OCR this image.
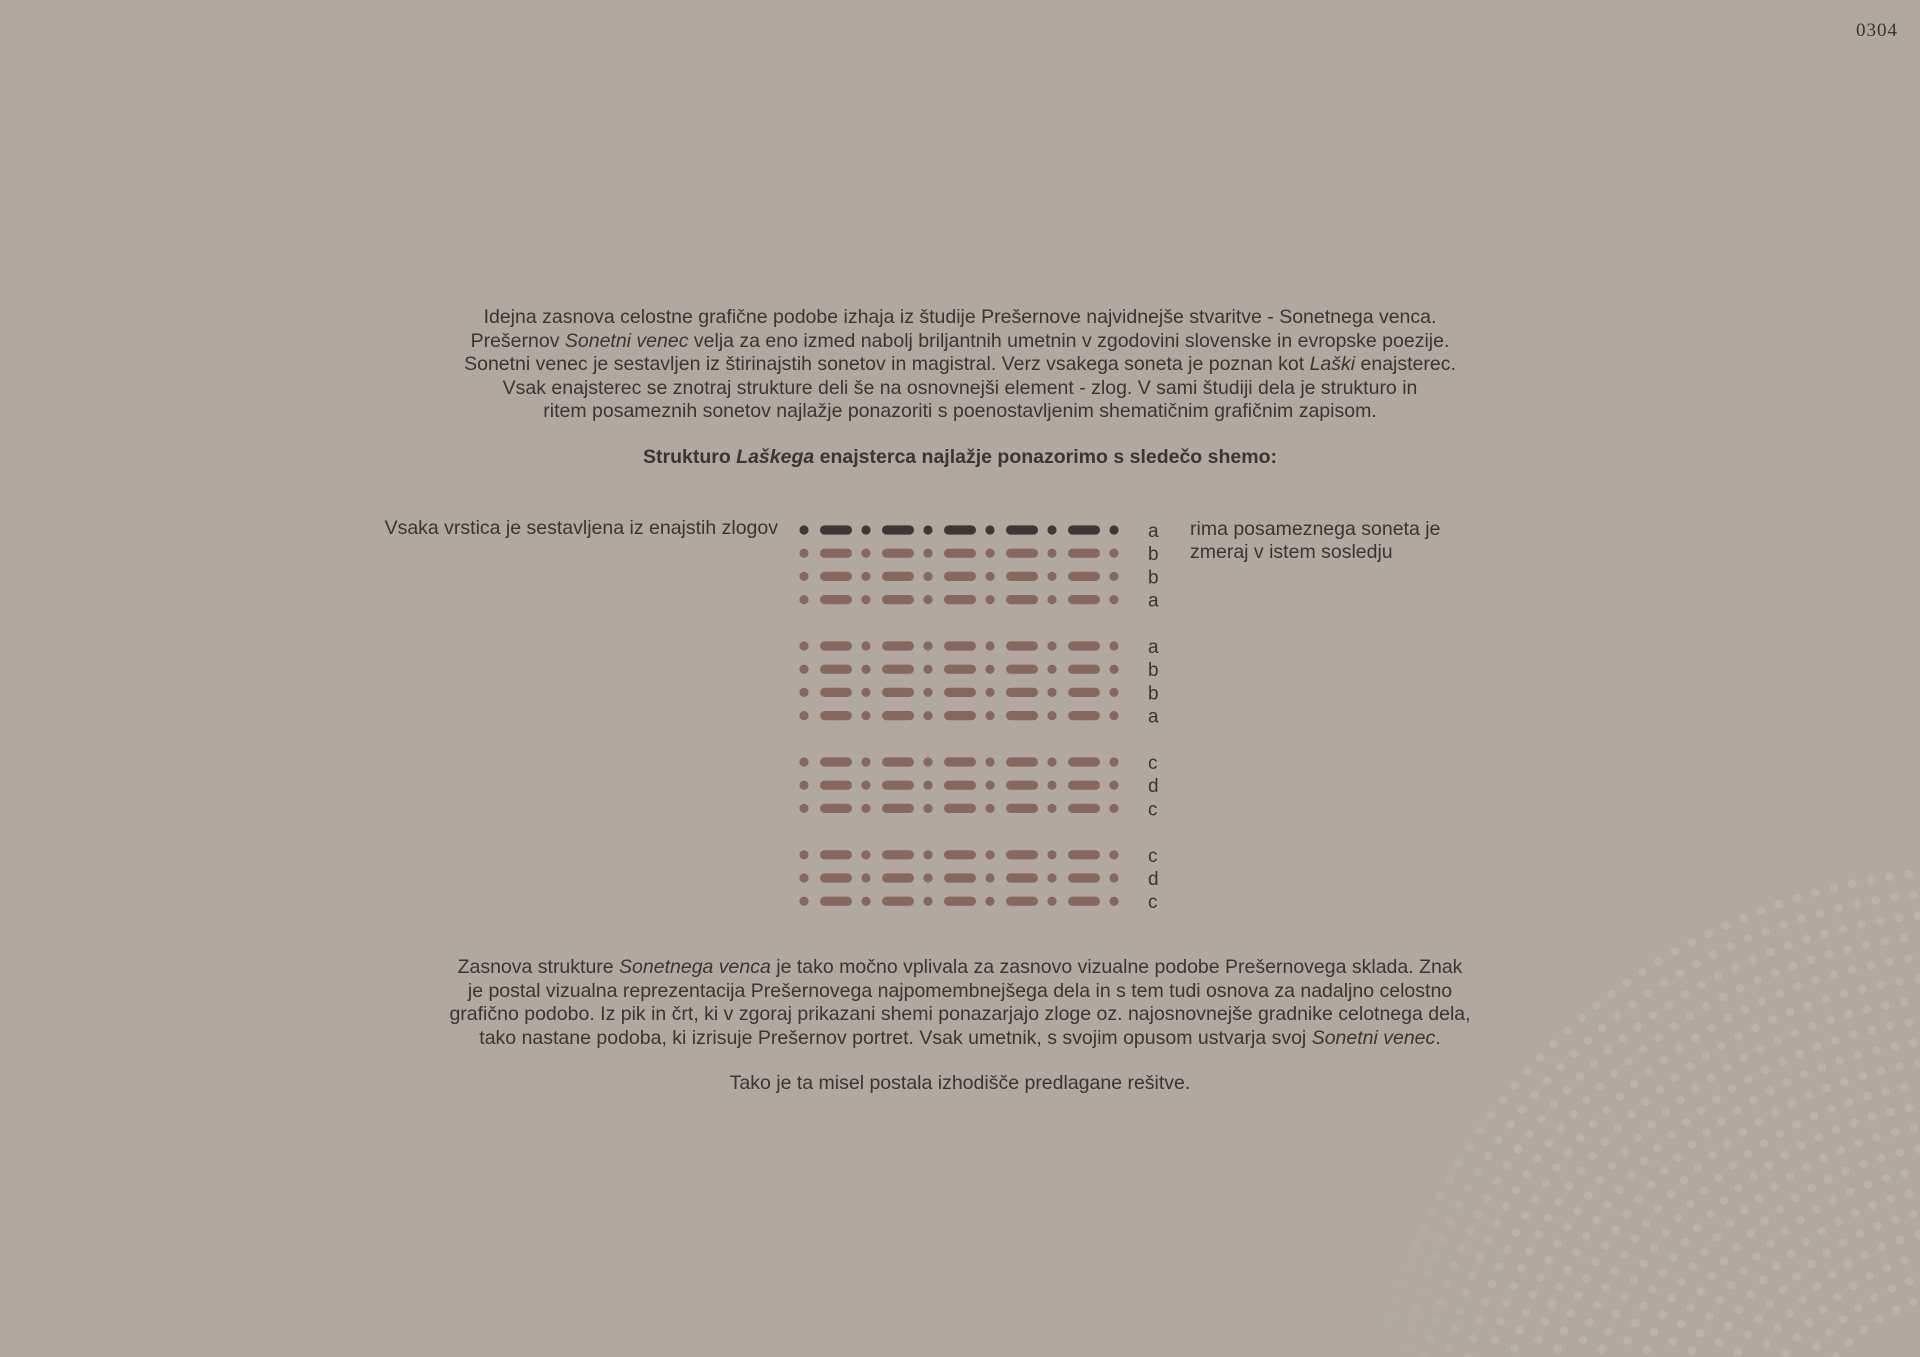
0304
Idejna zasnova celostne grafične podobe izhaja iz študije Prešernove najvidnejše stvaritve - Sonetnega venca.
Prešernov Sonetni venec velja za eno izmed nabolj briljantnih umetnin v zgodovini slovenske in evropske poezije.
Sonetni venec je sestavljen iz štirinajstih sonetov in magistral. Verz vsakega soneta je poznan kot Laški enajsterec.
Vsak enajsterec se znotraj strukture deli še na osnovnejši element - zlog. V sami študiji dela je strukturo in
ritem posameznih sonetov najlažje ponazoriti s poenostavljenim shematičnim grafičnim zapisom.
Strukturo Laškega enajsterca najlažje ponazorimo s sledečo shemo:
Vsaka vrstica je sestavljena iz enajstih zlogov	a
b
b
a
a
b
b
a
c
d
c
c
d
c
rima posameznega soneta je
zmeraj v istem sosledju
Zasnova strukture Sonetnega venca je tako močno vplivala za zasnovo vizualne podobe Prešernovega sklada. Znak
je postal vizualna reprezentacija Prešernovega najpomembnejšega dela in s tem tudi osnova za nadaljno celostno
grafično podobo. Iz pik in črt, ki v zgoraj prikazani shemi ponazarjajo zloge oz. najosnovnejše gradnike celotnega dela,
tako nastane podoba, ki izrisuje Prešernov portret. Vsak umetnik, s svojim opusom ustvarja svoj Sonetni venec.
Tako je ta misel postala izhodišče predlagane rešitve.
